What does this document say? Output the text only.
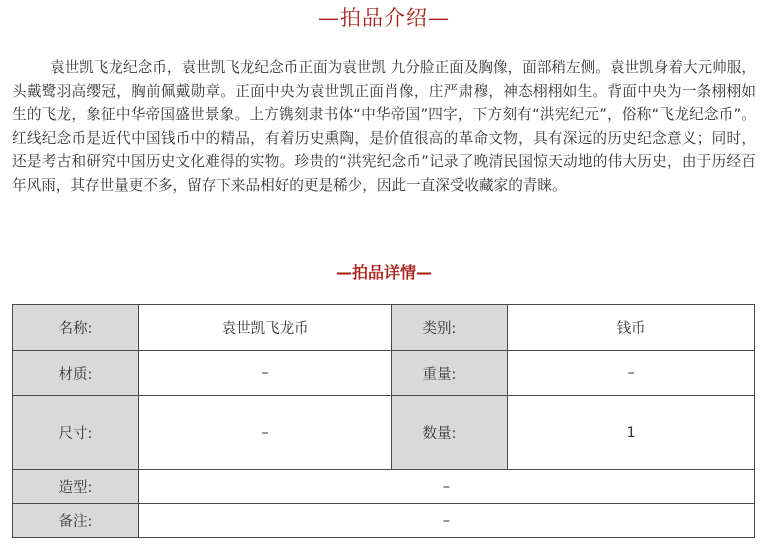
—拍品介绍—

袁世凯飞龙纪念币，袁世凯飞龙纪念币正面为袁世凯 九分脸正面及胸像，面部稍左侧。袁世凯身着大元帅服，头戴鹭羽高缨冠，胸前佩戴勋章。正面中央为袁世凯正面肖像，庄严肃穆，神态栩栩如生。背面中央为一条栩栩如生的飞龙，象征中华帝国盛世景象。上方镌刻隶书体“中华帝国”四字，下方刻有“洪宪纪元”，俗称“飞龙纪念币”。红线纪念币是近代中国钱币中的精品，有着历史熏陶，是价值很高的革命文物，具有深远的历史纪念意义；同时，还是考古和研究中国历史文化难得的实物。珍贵的“洪宪纪念币”记录了晚清民国惊天动地的伟大历史，由于历经百年风雨，其存世量更不多，留存下来品相好的更是稀少，因此一直深受收藏家的青睐。

—拍品详情—
名称:	袁世凯飞龙币	类别:	钱币
材质:	–	重量:	–
尺寸:	–	数量:	1
造型:	–		
备注:	–		
